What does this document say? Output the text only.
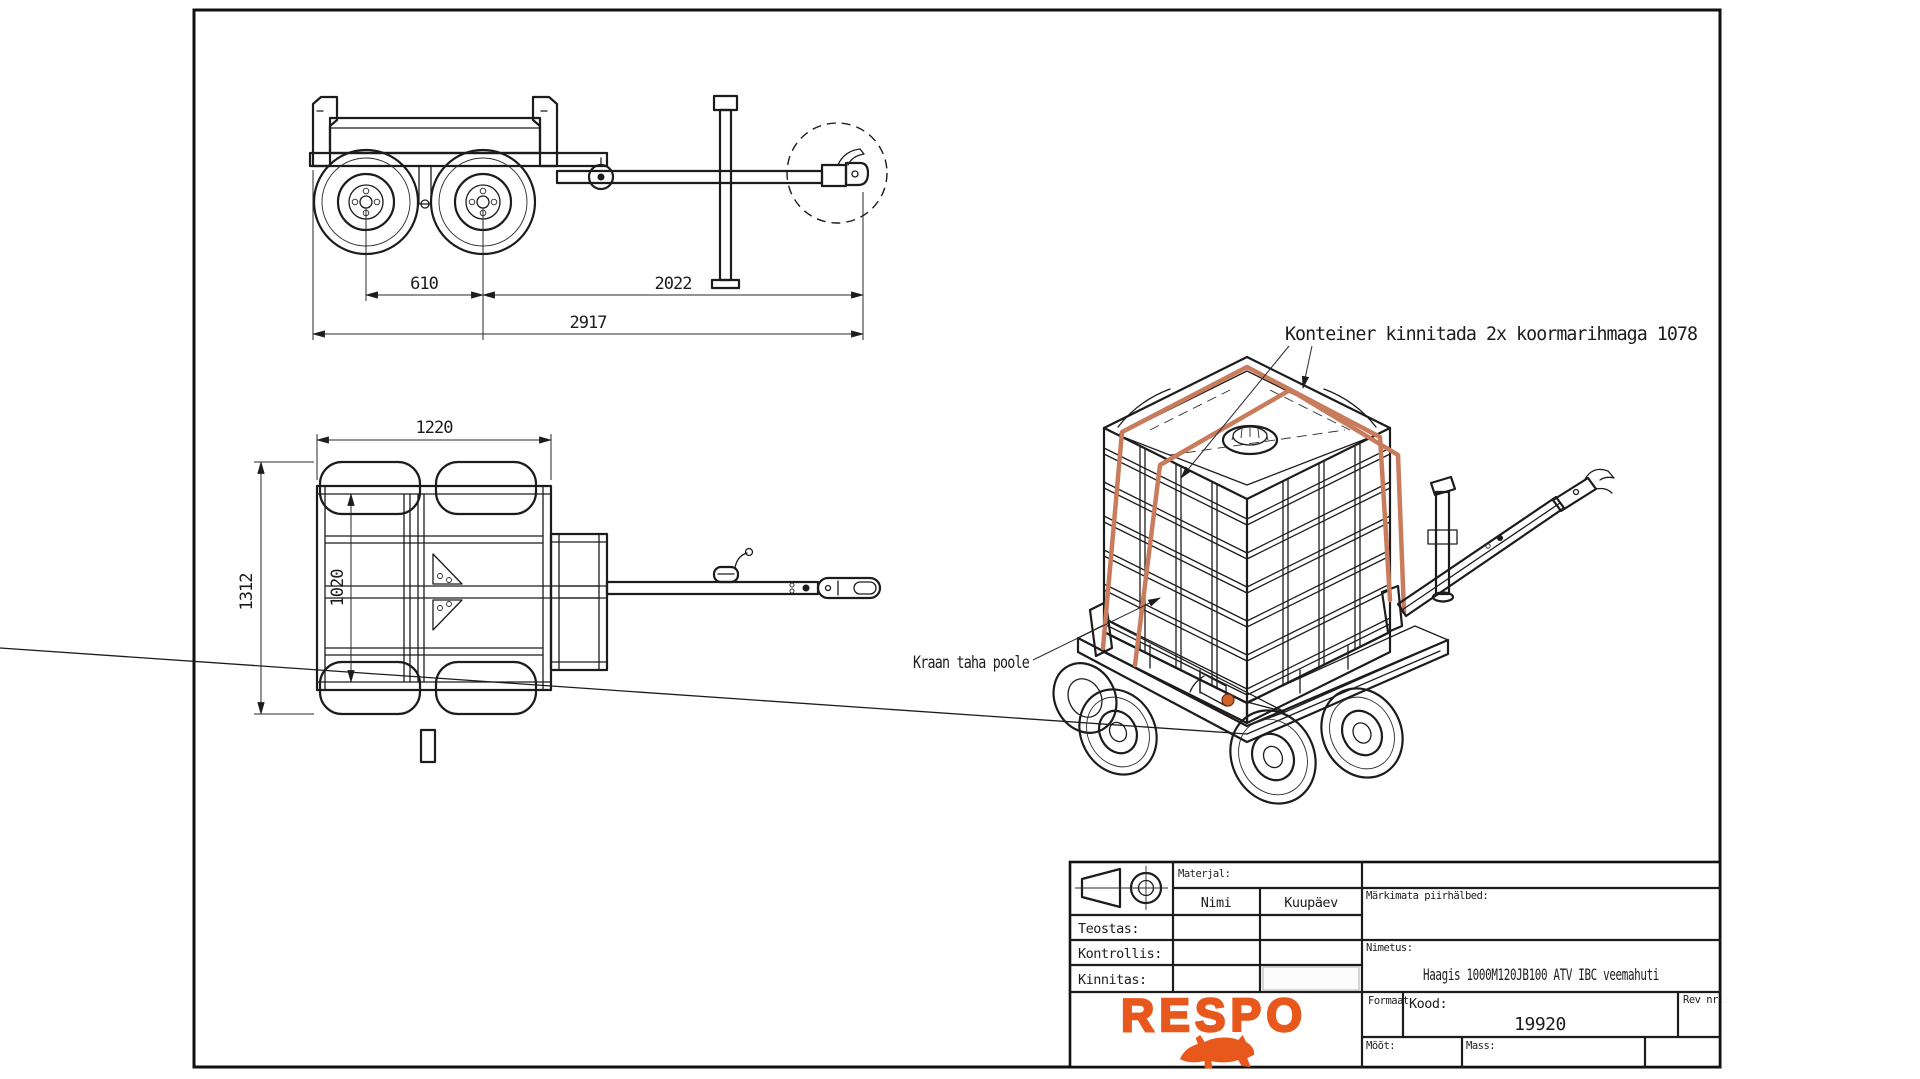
610	2022
2917
1220
1312	1020
Konteiner kinnitada 2x koormarihmaga 1078
Kraan taha poole
Materjal:
Nimi	Kuupäev
Teostas:
Kontrollis:
Kinnitas:
Märkimata piirhälbed:
Nimetus:
Haagis 1000M120JB100 ATV IBC veemahuti
Formaat Kood:
19920
Rev nr:
Mõõt:	Mass:
RESPO
